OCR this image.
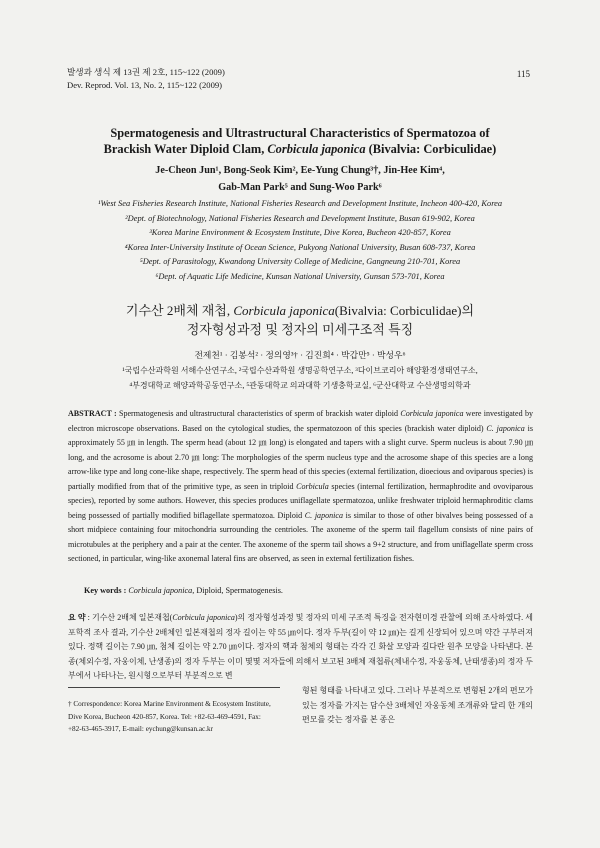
발생과 생식 제 13권 제 2호, 115~122 (2009)
Dev. Reprod. Vol. 13, No. 2, 115~122 (2009)
115
Spermatogenesis and Ultrastructural Characteristics of Spermatozoa of
Brackish Water Diploid Clam, Corbicula japonica (Bivalvia: Corbiculidae)
Je-Cheon Jun¹, Bong-Seok Kim², Ee-Yung Chung³†, Jin-Hee Kim⁴,
Gab-Man Park⁵ and Sung-Woo Park⁶
¹West Sea Fisheries Research Institute, National Fisheries Research and Development Institute, Incheon 400-420, Korea
²Dept. of Biotechnology, National Fisheries Research and Development Institute, Busan 619-902, Korea
³Korea Marine Environment & Ecosystem Institute, Dive Korea, Bucheon 420-857, Korea
⁴Korea Inter-University Institute of Ocean Science, Pukyong National University, Busan 608-737, Korea
⁵Dept. of Parasitology, Kwandong University College of Medicine, Gangneung 210-701, Korea
⁶Dept. of Aquatic Life Medicine, Kunsan National University, Gunsan 573-701, Korea
기수산 2배체 재첩, Corbicula japonica(Bivalvia: Corbiculidae)의
정자형성과정 및 정자의 미세구조적 특징
전제천¹ · 김봉석² · 정의영³† · 김진희⁴ · 박갑만⁵ · 박성우⁶
¹국립수산과학원 서해수산연구소, ²국립수산과학원 생명공학연구소, ³다이브코리아 해양환경생태연구소,
⁴부경대학교 해양과학공동연구소, ⁵관동대학교 의과대학 기생충학교실, ⁶군산대학교 수산생명의학과
ABSTRACT : Spermatogenesis and ultrastructural characteristics of sperm of brackish water diploid Corbicula japonica were investigated by electron microscope observations. Based on the cytological studies, the spermatozoon of this species (brackish water diploid) C. japonica is approximately 55 ㎛ in length. The sperm head (about 12 ㎛ long) is elongated and tapers with a slight curve. Sperm nucleus is about 7.90 ㎛ long, and the acrosome is about 2.70 ㎛ long: The morphologies of the sperm nucleus type and the acrosome shape of this species are a long arrow-like type and long cone-like shape, respectively. The sperm head of this species (external fertilization, dioecious and oviparous species) is partially modified from that of the primitive type, as seen in triploid Corbicula species (internal fertilization, hermaphrodite and ovoviparous species), reported by some authors. However, this species produces uniflagellate spermatozoa, unlike freshwater triploid hermaphroditic clams being possessed of partially modified biflagellate spermatozoa. Diploid C. japonica is similar to those of other bivalves being possessed of a short midpiece containing four mitochondria surrounding the centrioles. The axoneme of the sperm tail flagellum consists of nine pairs of microtubules at the periphery and a pair at the center. The axoneme of the sperm tail shows a 9+2 structure, and from uniflagellate sperm cross sectioned, in particular, wing-like axonemal lateral fins are observed, as seen in external fertilization fishes.
Key words : Corbicula japonica, Diploid, Spermatogenesis.
요 약 : 기수산 2배체 일본재첩(Corbicula japonica)의 정자형성과정 및 정자의 미세 구조적 특징을 전자현미경 관찰에 의해 조사하였다. 세포학적 조사 결과, 기수산 2배체인 일본재첩의 정자 길이는 약 55 ㎛이다. 정자 두부(길이 약 12 ㎛)는 길게 신장되어 있으며 약간 구부러져 있다. 정핵 길이는 7.90 ㎛, 첨체 길이는 약 2.70 ㎛이다. 정자의 핵과 첨체의 형태는 각각 긴 화살 모양과 길다란 원추 모양을 나타낸다. 본 종(체외수정, 자웅이체, 난생종)의 정자 두부는 이미 몇몇 저자들에 의해서 보고된 3배체 재첩류(체내수정, 자웅동체, 난태생종)의 정자 두부에서 나타나는, 원시형으로부터 부분적으로 변
형된 형태를 나타내고 있다. 그러나 부분적으로 변형된 2개의 편모가 있는 정자를 가지는 담수산 3배체인 자웅동체 조개류와 달리 한 개의 편모를 갖는 정자를 본 종은
† Correspondence: Korea Marine Environment & Ecosystem Institute,
Dive Korea, Bucheon 420-857, Korea. Tel: +82-63-469-4591, Fax:
+82-63-465-3917, E-mail: eychung@kunsan.ac.kr
